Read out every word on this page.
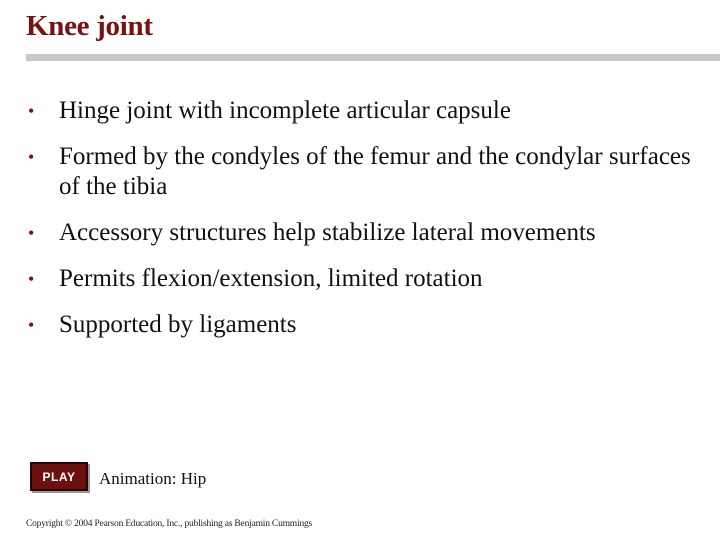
Knee joint
• Hinge joint with incomplete articular capsule
• Formed by the condyles of the femur and the condylar surfaces of the tibia
• Accessory structures help stabilize lateral movements
• Permits flexion/extension, limited rotation
• Supported by ligaments
PLAY Animation: Hip
Copyright © 2004 Pearson Education, Inc., publishing as Benjamin Cummings
